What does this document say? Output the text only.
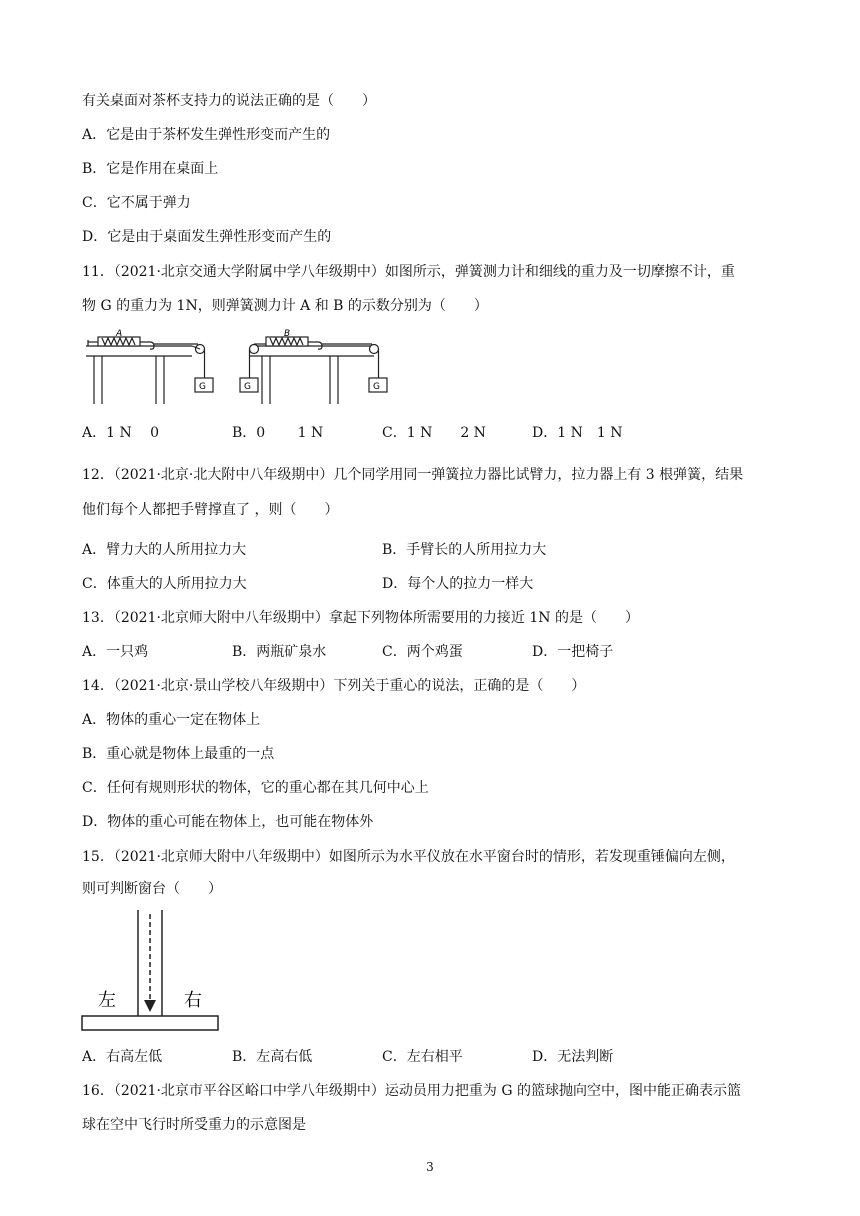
有关桌面对茶杯支持力的说法正确的是（　　）
A．它是由于茶杯发生弹性形变而产生的
B．它是作用在桌面上
C．它不属于弹力
D．它是由于桌面发生弹性形变而产生的
11．（2021·北京交通大学附属中学八年级期中）如图所示，弹簧测力计和细线的重力及一切摩擦不计，重
物 G 的重力为 1N，则弹簧测力计 A 和 B 的示数分别为（　　）
A
G
B
G	G
A．1 N　 0	B．0　　 1 N	C．1 N　　2 N	D．1 N　1 N
12．（2021·北京·北大附中八年级期中）几个同学用同一弹簧拉力器比试臂力，拉力器上有 3 根弹簧，结果
他们每个人都把手臂撑直了 ，则（　　）
A．臂力大的人所用拉力大	B．手臂长的人所用拉力大
C．体重大的人所用拉力大	D．每个人的拉力一样大
13．（2021·北京师大附中八年级期中）拿起下列物体所需要用的力接近 1N 的是（　　）
A．一只鸡	B．两瓶矿泉水	C．两个鸡蛋	D．一把椅子
14．（2021·北京·景山学校八年级期中）下列关于重心的说法，正确的是（　　）
A．物体的重心一定在物体上
B．重心就是物体上最重的一点
C．任何有规则形状的物体，它的重心都在其几何中心上
D．物体的重心可能在物体上，也可能在物体外
15．（2021·北京师大附中八年级期中）如图所示为水平仪放在水平窗台时的情形，若发现重锤偏向左侧，
则可判断窗台（　　）
左	右
A．右高左低	B．左高右低	C．左右相平	D．无法判断
16．（2021·北京市平谷区峪口中学八年级期中）运动员用力把重为 G 的篮球抛向空中，图中能正确表示篮
球在空中飞行时所受重力的示意图是
3
